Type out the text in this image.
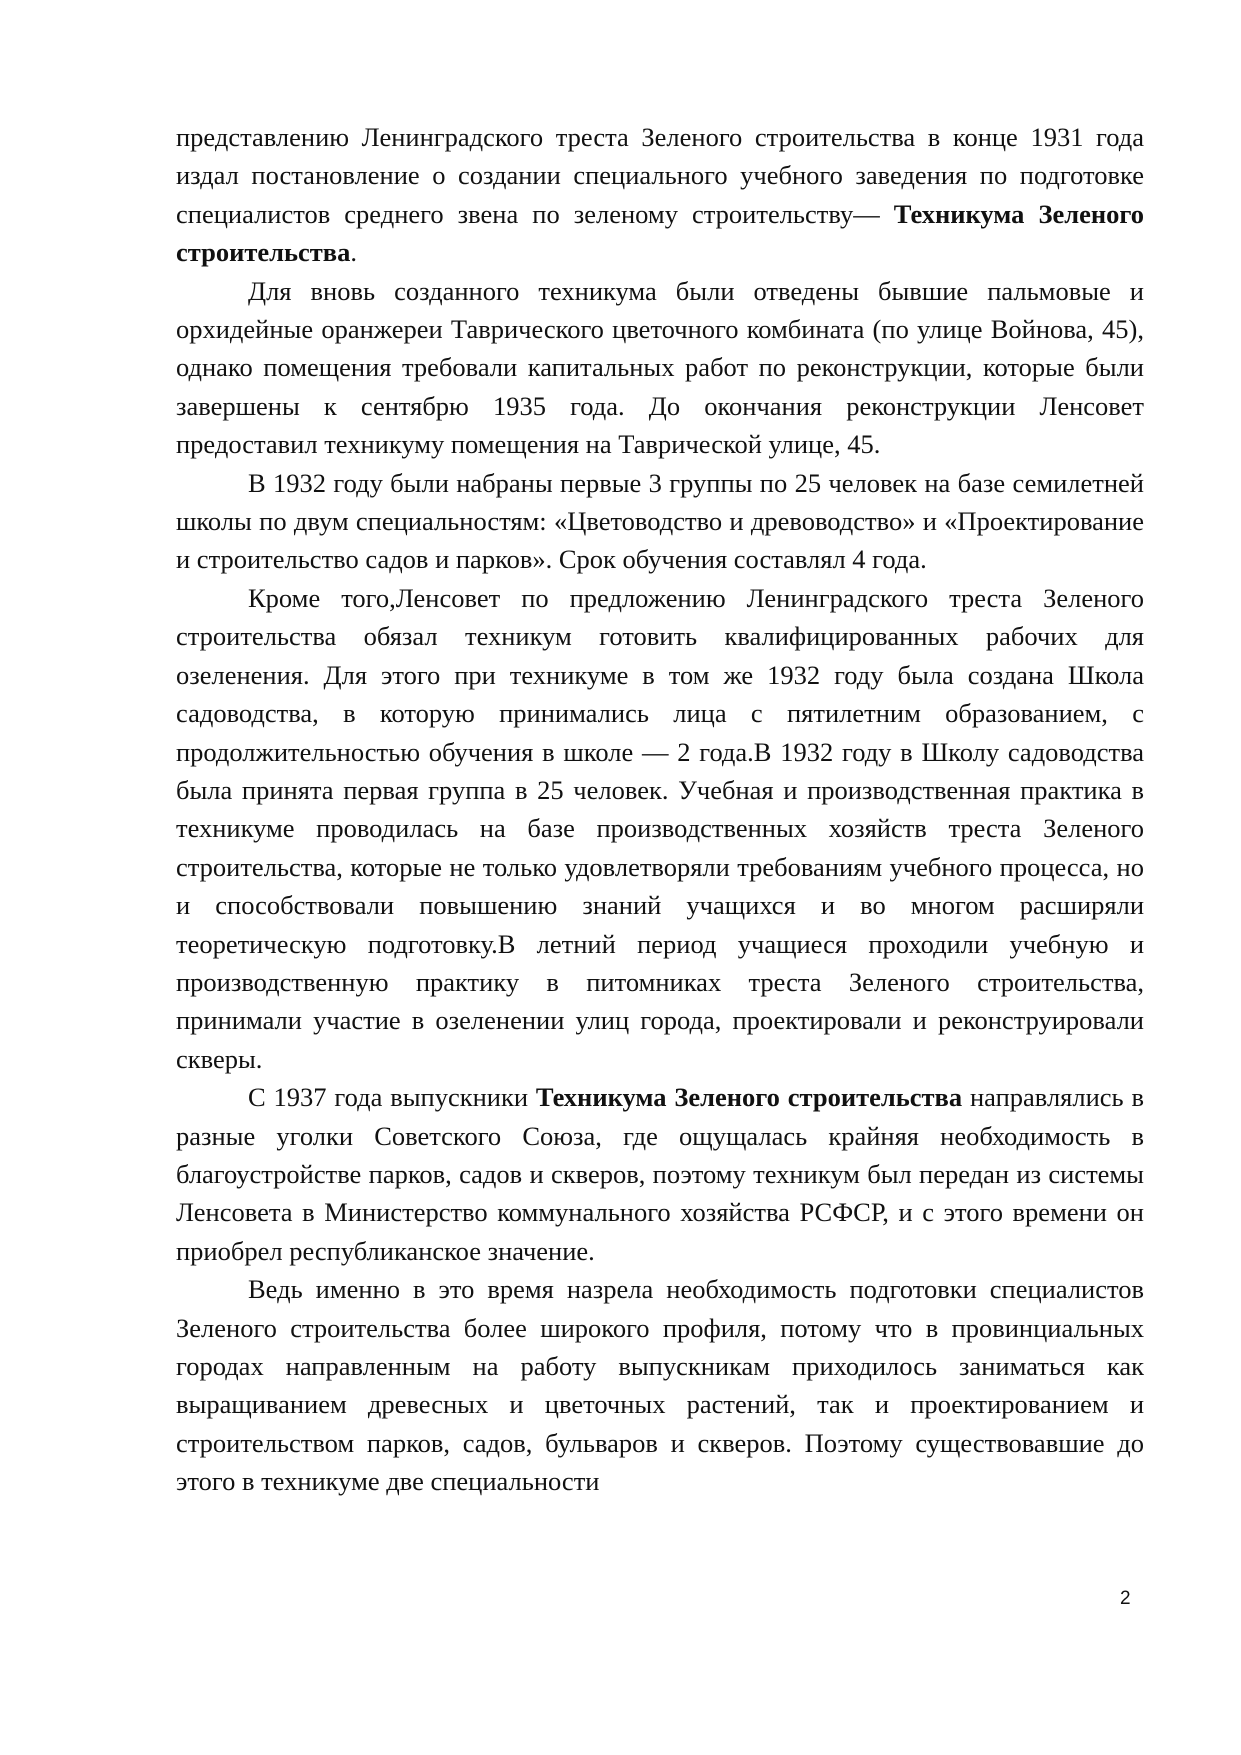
представлению Ленинградского треста Зеленого строительства в конце 1931 года издал постановление о создании специального учебного заведения по подготовке специалистов среднего звена по зеленому строительству— Техникума Зеленого строительства.

Для вновь созданного техникума были отведены бывшие пальмовые и орхидейные оранжереи Таврического цветочного комбината (по улице Войнова, 45), однако помещения требовали капитальных работ по реконструкции, которые были завершены к сентябрю 1935 года. До окончания реконструкции Ленсовет предоставил техникуму помещения на Таврической улице, 45.

В 1932 году были набраны первые 3 группы по 25 человек на базе семилетней школы по двум специальностям: «Цветоводство и древоводство» и «Проектирование и строительство садов и парков». Срок обучения составлял 4 года.

Кроме того,Ленсовет по предложению Ленинградского треста Зеленого строительства обязал техникум готовить квалифицированных рабочих для озеленения. Для этого при техникуме в том же 1932 году была создана Школа садоводства, в которую принимались лица с пятилетним образованием, с продолжительностью обучения в школе — 2 года.В 1932 году в Школу садоводства была принята первая группа в 25 человек. Учебная и производственная практика в техникуме проводилась на базе производственных хозяйств треста Зеленого строительства, которые не только удовлетворяли требованиям учебного процесса, но и способствовали повышению знаний учащихся и во многом расширяли теоретическую подготовку.В летний период учащиеся проходили учебную и производственную практику в питомниках треста Зеленого строительства, принимали участие в озеленении улиц города, проектировали и реконструировали скверы.

С 1937 года выпускники Техникума Зеленого строительства направлялись в разные уголки Советского Союза, где ощущалась крайняя необходимость в благоустройстве парков, садов и скверов, поэтому техникум был передан из системы Ленсовета в Министерство коммунального хозяйства РСФСР, и с этого времени он приобрел республиканское значение.

Ведь именно в это время назрела необходимость подготовки специалистов Зеленого строительства более широкого профиля, потому что в провинциальных городах направленным на работу выпускникам приходилось заниматься как выращиванием древесных и цветочных растений, так и проектированием и строительством парков, садов, бульваров и скверов. Поэтому существовавшие до этого в техникуме две специальности

2
